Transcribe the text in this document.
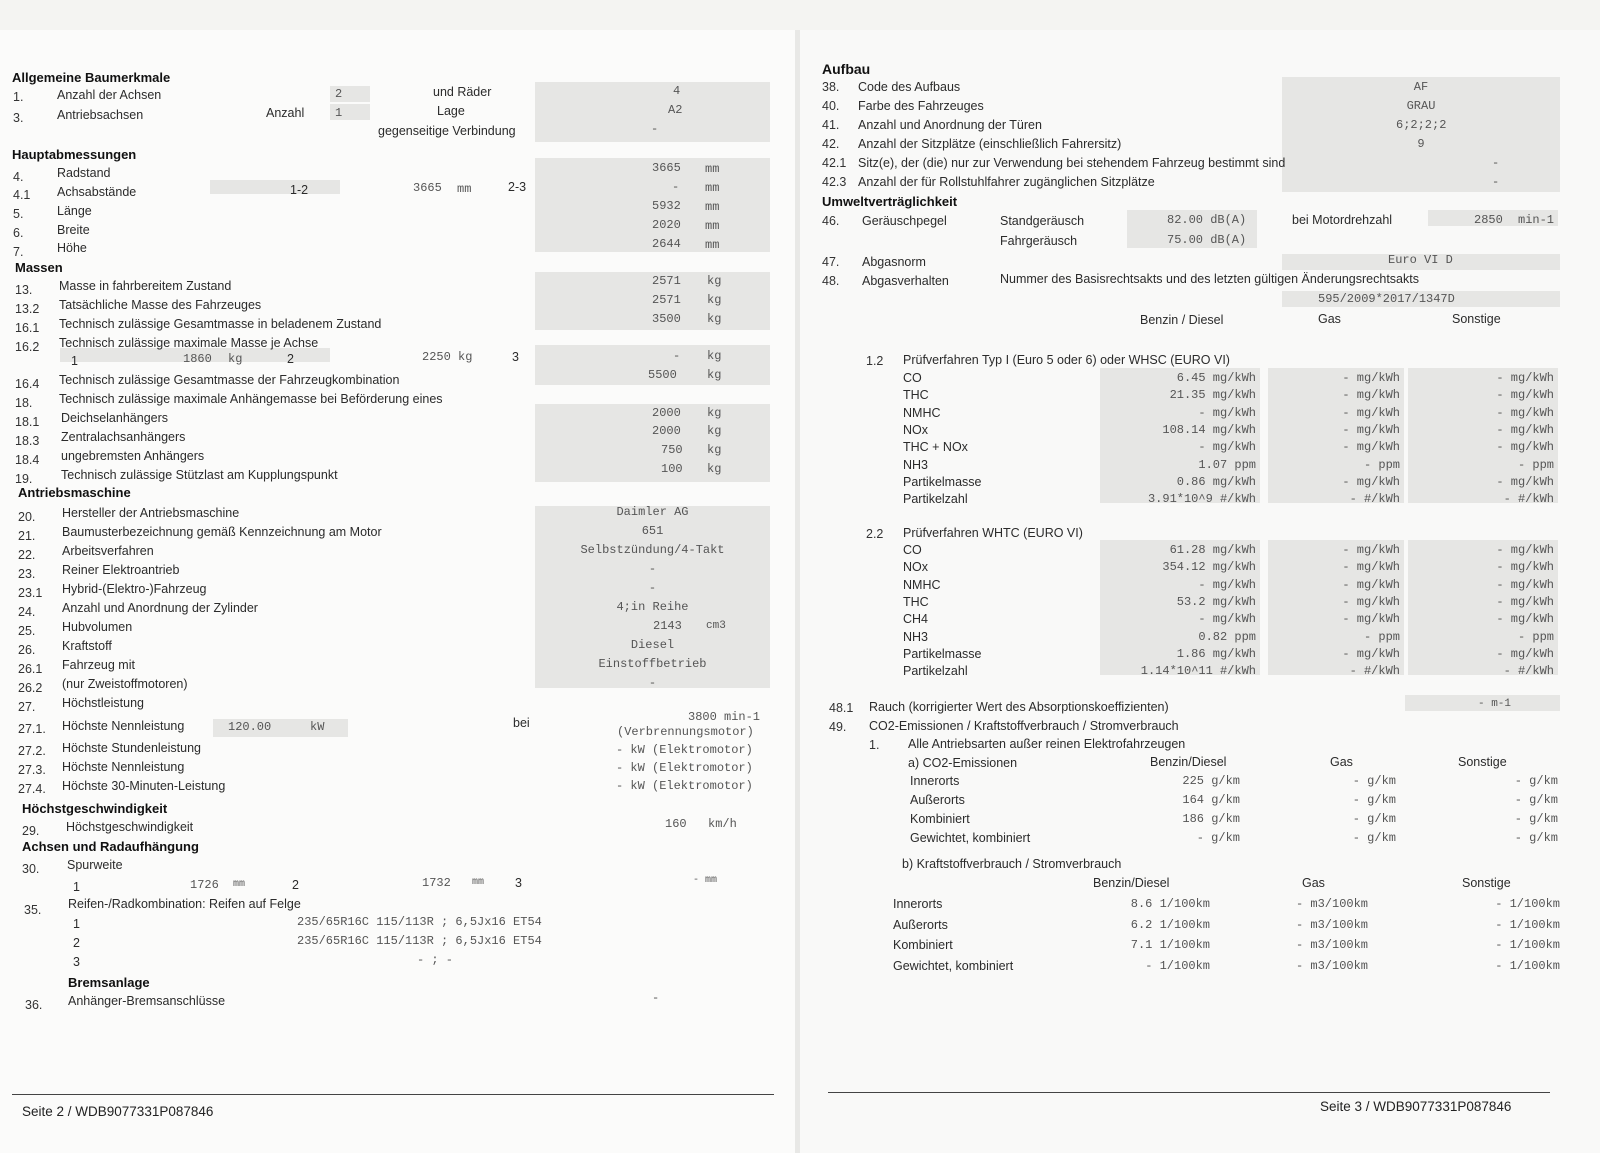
Allgemeine Baumerkmale
1.	Anzahl der Achsen	2	und Räder	4
3.	Antriebsachsen	Anzahl	1	Lage	A2
gegenseitige Verbindung	-
Hauptabmessungen
4.	Radstand	3665 mm
4.1 Achsabstände	1-2	3665 mm	2-3	- mm
5.	Länge	5932 mm
6.	Breite	2020 mm
7.	Höhe	2644 mm
Massen
13. Masse in fahrbereitem Zustand	2571 kg
13.2 Tatsächliche Masse des Fahrzeuges	2571 kg
16.1 Technisch zulässige Gesamtmasse in beladenem Zustand	3500 kg
16.2 Technisch zulässige maximale Masse je Achse
1	1860 kg	2	2250 kg	3	- kg
16.4 Technisch zulässige Gesamtmasse der Fahrzeugkombination	5500	kg
18. Technisch zulässige maximale Anhängemasse bei Beförderung eines
18.1 Deichselanhängers	2000 kg
18.3 Zentralachsanhängers	2000 kg
18.4 ungebremsten Anhängers	750 kg
19. Technisch zulässige Stützlast am Kupplungspunkt	100 kg
Antriebsmaschine
20. Hersteller der Antriebsmaschine	Daimler AG
21. Baumusterbezeichnung gemäß Kennzeichnung am Motor	651
22. Arbeitsverfahren	Selbstzündung/4-Takt
23. Reiner Elektroantrieb	-
23.1 Hybrid-(Elektro-)Fahrzeug	-
24. Anzahl und Anordnung der Zylinder	4;in Reihe
25. Hubvolumen	2143 cm3
26. Kraftstoff	Diesel
26.1 Fahrzeug mit	Einstoffbetrieb
26.2 (nur Zweistoffmotoren)	-
27. Höchstleistung
27.1. Höchste Nennleistung	120.00	kW	bei	3800 min-1
(Verbrennungsmotor)
27.2. Höchste Stundenleistung	- kW (Elektromotor)
27.3. Höchste Nennleistung	- kW (Elektromotor)
27.4. Höchste 30-Minuten-Leistung	- kW (Elektromotor)
Höchstgeschwindigkeit
29. Höchstgeschwindigkeit	160 km/h
Achsen und Radaufhängung
30. Spurweite
1	1726 mm	2	1732 mm 3	- mm
35. Reifen-/Radkombination: Reifen auf Felge
1	235/65R16C 115/113R ; 6,5Jx16 ET54
2	235/65R16C 115/113R ; 6,5Jx16 ET54
3	- ; -
Bremsanlage
36. Anhänger-Bremsanschlüsse	-
Seite 2 / WDB9077331P087846
Aufbau
38. Code des Aufbaus	AF
40. Farbe des Fahrzeuges	GRAU
41. Anzahl und Anordnung der Türen	6;2;2;2
42. Anzahl der Sitzplätze (einschließlich Fahrersitz)	9
42.1 Sitz(e), der (die) nur zur Verwendung bei stehendem Fahrzeug bestimmt sind	-
42.3 Anzahl der für Rollstuhlfahrer zugänglichen Sitzplätze	-
Umweltverträglichkeit
46. Geräuschpegel	Standgeräusch	82.00 dB(A)	bei Motordrehzahl	2850 min-1
Fahrgeräusch	75.00 dB(A)
47. Abgasnorm	Euro VI D
48. Abgasverhalten	Nummer des Basisrechtsakts und des letzten gültigen Änderungsrechtsakts
595/2009*2017/1347D
Benzin / Diesel	Gas	Sonstige
1.2 Prüfverfahren Typ I (Euro 5 oder 6) oder WHSC (EURO VI)
CO	6.45 mg/kWh	- mg/kWh	- mg/kWh
THC	21.35 mg/kWh	- mg/kWh	- mg/kWh
NMHC	- mg/kWh	- mg/kWh	- mg/kWh
NOx	108.14 mg/kWh	- mg/kWh	- mg/kWh
THC + NOx	- mg/kWh	- mg/kWh	- mg/kWh
NH3	1.07 ppm	- ppm	- ppm
Partikelmasse	0.86 mg/kWh	- mg/kWh	- mg/kWh
Partikelzahl	3.91*10^9 #/kWh	- #/kWh	- #/kWh
2.2 Prüfverfahren WHTC (EURO VI)
CO	61.28 mg/kWh	- mg/kWh	- mg/kWh
NOx	354.12 mg/kWh	- mg/kWh	- mg/kWh
NMHC	- mg/kWh	- mg/kWh	- mg/kWh
THC	53.2 mg/kWh	- mg/kWh	- mg/kWh
CH4	- mg/kWh	- mg/kWh	- mg/kWh
NH3	0.82 ppm	- ppm	- ppm
Partikelmasse	1.86 mg/kWh	- mg/kWh	- mg/kWh
Partikelzahl	1.14*10^11 #/kWh	- #/kWh	- #/kWh
48.1 Rauch (korrigierter Wert des Absorptionskoeffizienten)	- m-1
49. CO2-Emissionen / Kraftstoffverbrauch / Stromverbrauch
1. Alle Antriebsarten außer reinen Elektrofahrzeugen
a) CO2-Emissionen	Benzin/Diesel	Gas	Sonstige
Innerorts	225 g/km	- g/km	- g/km
Außerorts	164 g/km	- g/km	- g/km
Kombiniert	186 g/km	- g/km	- g/km
Gewichtet, kombiniert	- g/km	- g/km	- g/km
b) Kraftstoffverbrauch / Stromverbrauch
Benzin/Diesel	Gas	Sonstige
Innerorts	8.6 1/100km	- m3/100km	- 1/100km
Außerorts	6.2 1/100km	- m3/100km	- 1/100km
Kombiniert	7.1 1/100km	- m3/100km	- 1/100km
Gewichtet, kombiniert	- 1/100km	- m3/100km	- 1/100km
Seite 3 / WDB9077331P087846
